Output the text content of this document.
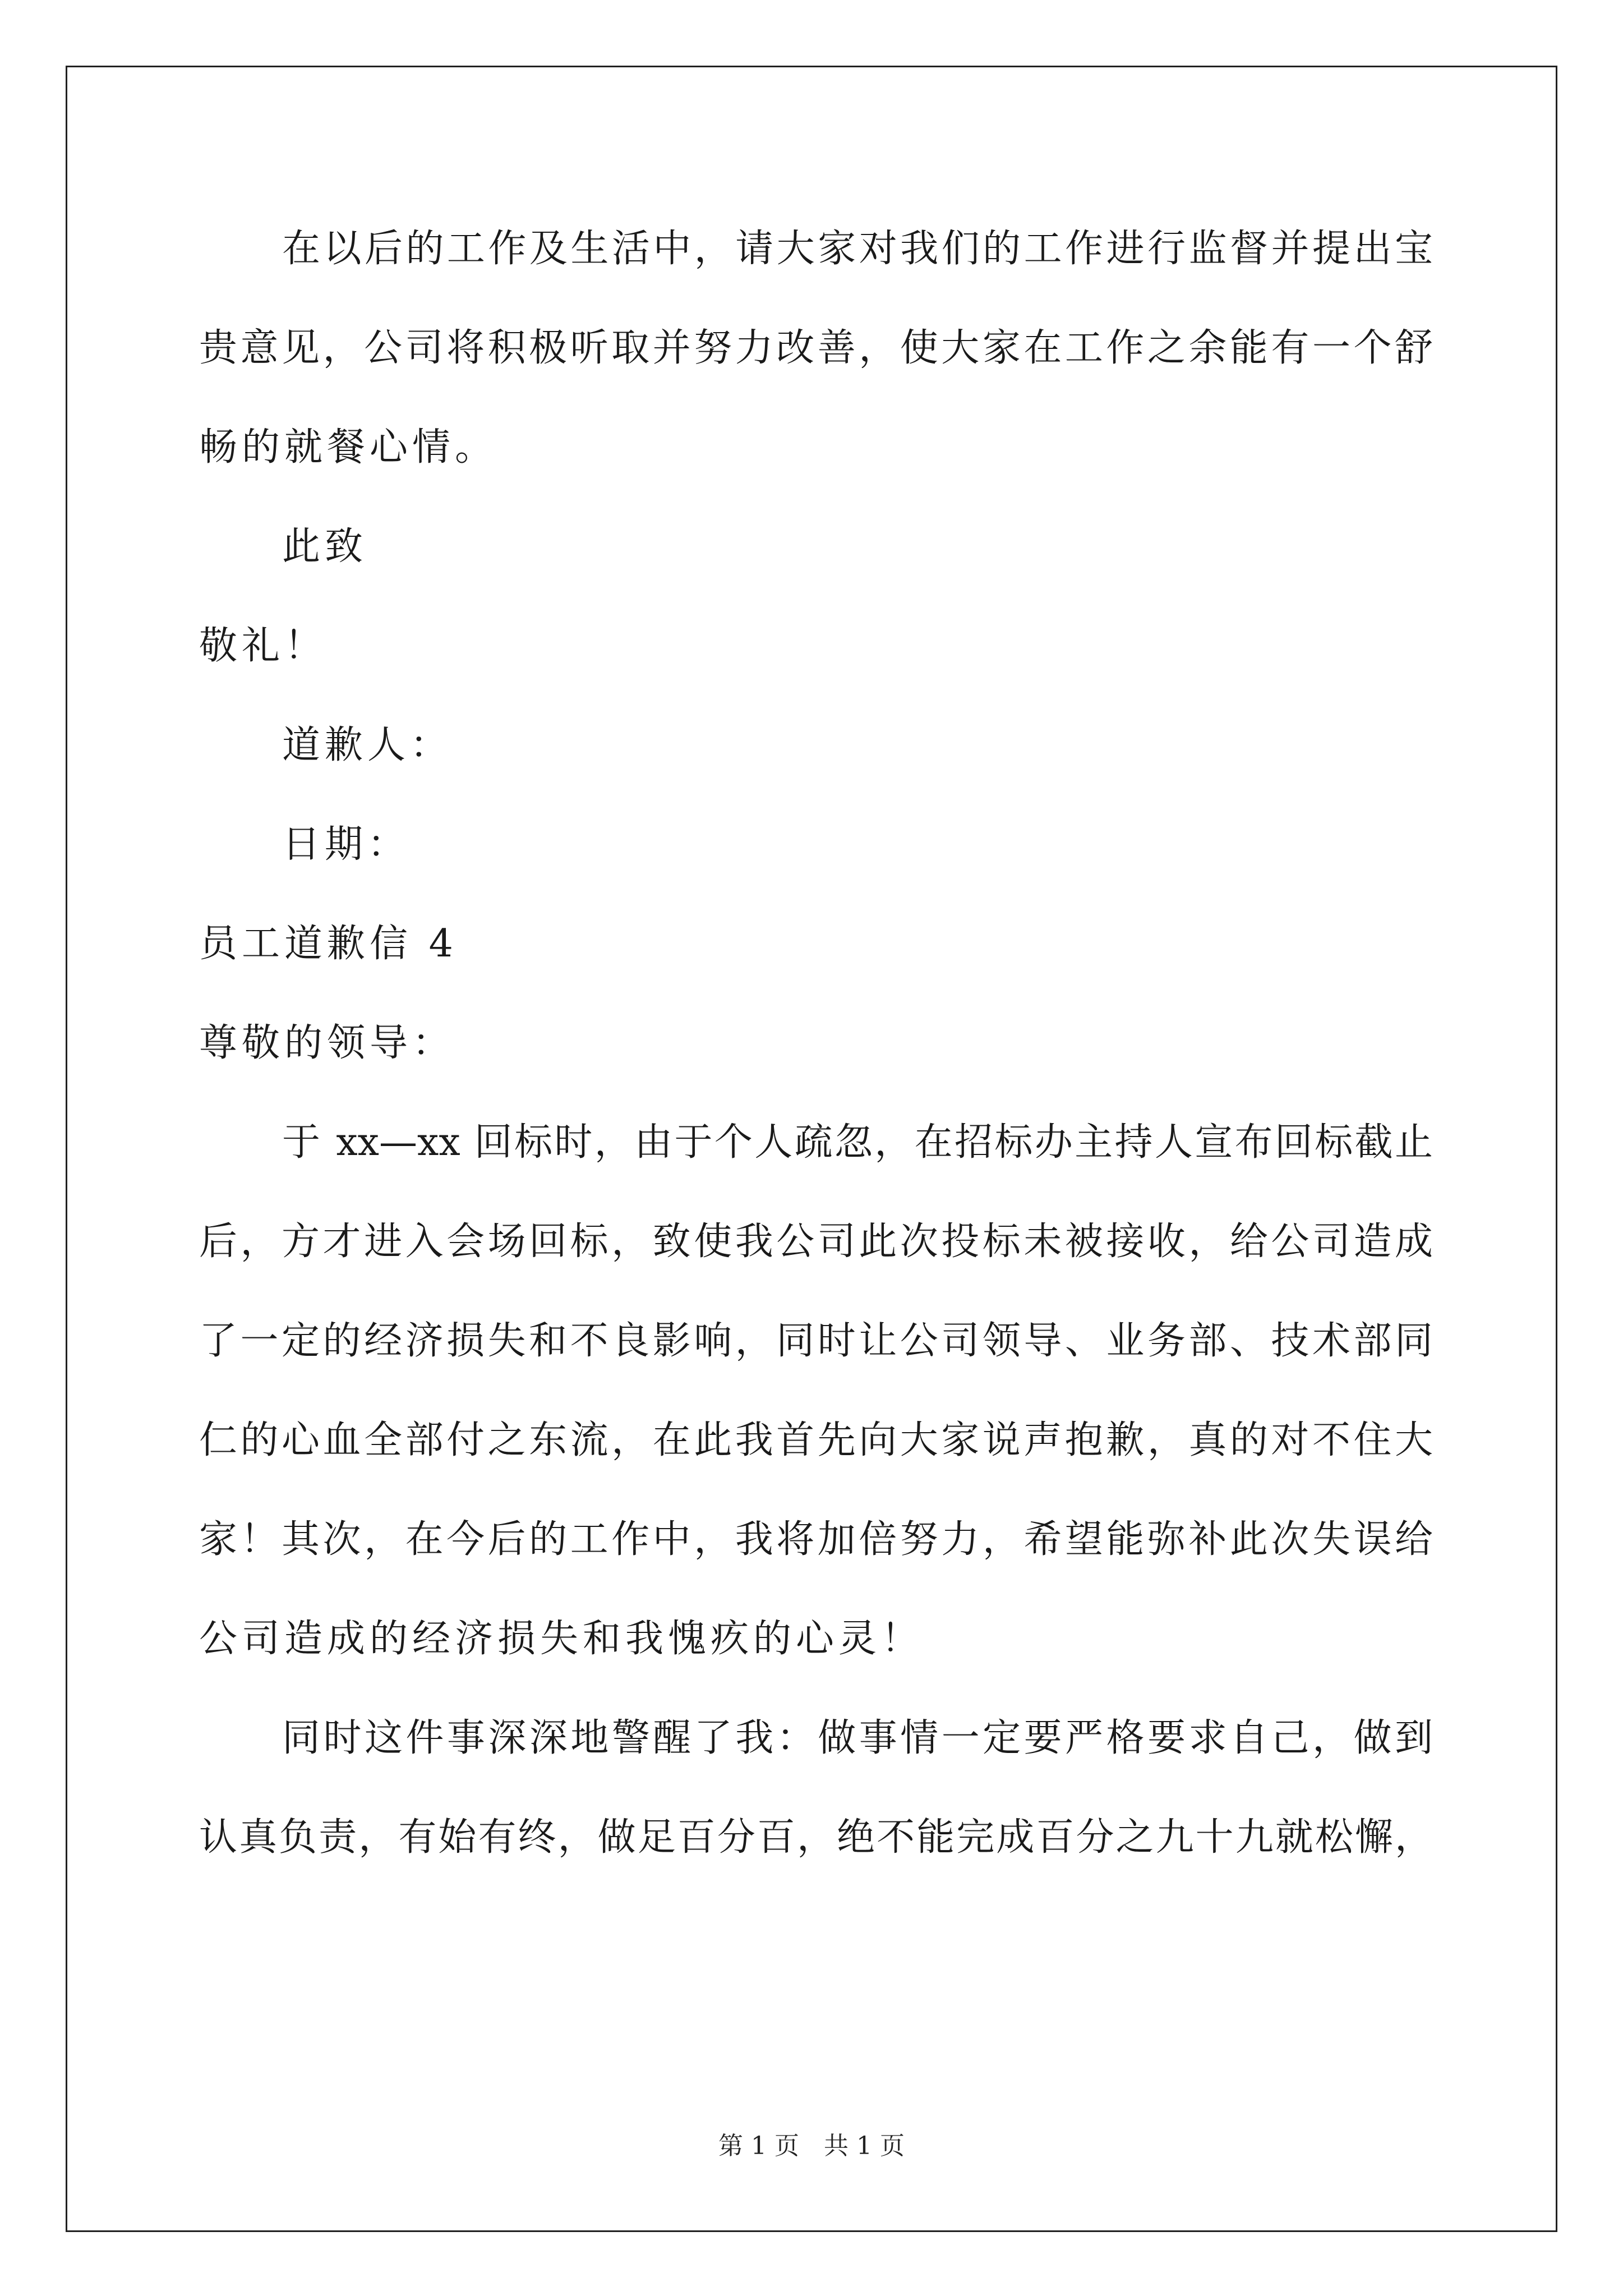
在以后的工作及生活中，请大家对我们的工作进行监督并提出宝
贵意见，公司将积极听取并努力改善，使大家在工作之余能有一个舒
畅的就餐心情。
此致
敬礼！
道歉人：
日期：
员工道歉信 4
尊敬的领导：
于 xx—xx 回标时，由于个人疏忽，在招标办主持人宣布回标截止
后，方才进入会场回标，致使我公司此次投标未被接收，给公司造成
了一定的经济损失和不良影响，同时让公司领导、业务部、技术部同
仁的心血全部付之东流，在此我首先向大家说声抱歉，真的对不住大
家！其次，在今后的工作中，我将加倍努力，希望能弥补此次失误给
公司造成的经济损失和我愧疚的心灵！
同时这件事深深地警醒了我：做事情一定要严格要求自己，做到
认真负责，有始有终，做足百分百，绝不能完成百分之九十九就松懈，
第 1 页　共 1 页
